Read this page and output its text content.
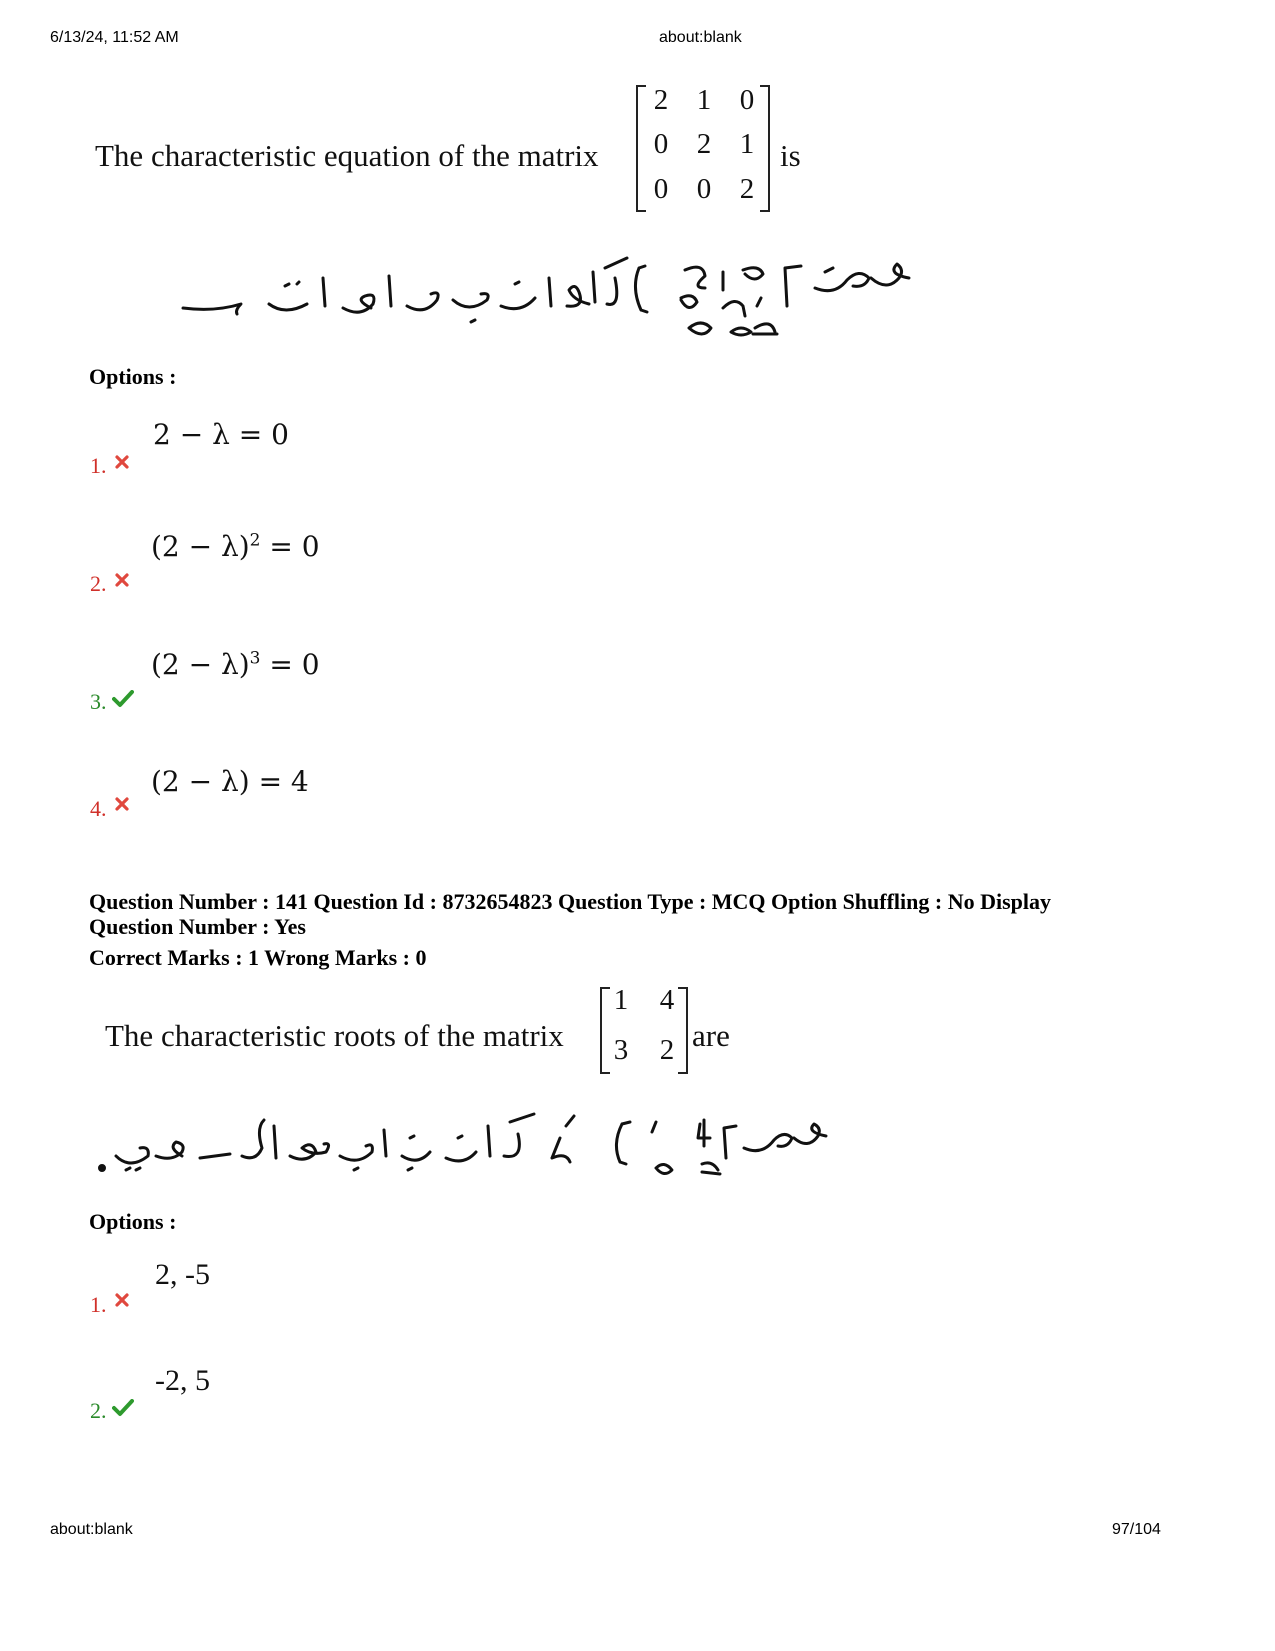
6/13/24, 11:52 AM	about:blank
The characteristic equation of the matrix
2 1 0
0 2 1
0 0 2
is
Options :
2 − λ = 0
1.
$(2 - \lambda)^2 = 0$
2.
$(2 - \lambda)^3 = 0$
3.
(2 − λ) = 4
4.
Question Number : 141 Question Id : 8732654823 Question Type : MCQ Option Shuffling : No Display
Question Number : Yes
Correct Marks : 1 Wrong Marks : 0
The characteristic roots of the matrix
1 4
3 2 are
Options :
2, -5
1.
-2, 5
2.
about:blank	97/104
